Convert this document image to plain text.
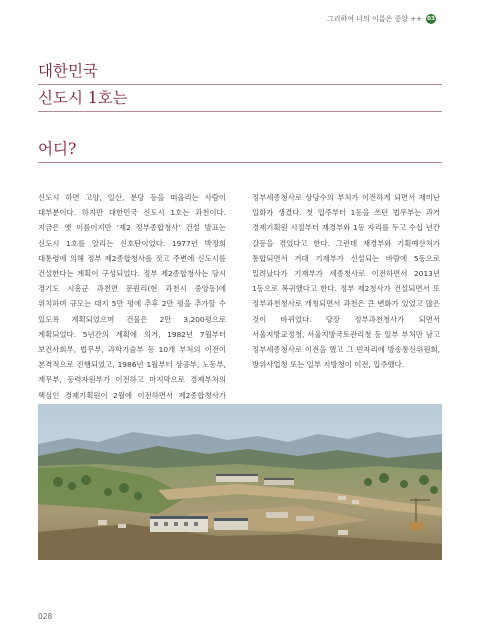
그리하여 너의 이름은 중앙 ++ 03
대한민국
신도시 1호는
어디?
신도시 하면 고양, 일산, 분당 등을 떠올리는 사람이 대부분이다. 하지만 대한민국 신도시 1호는 과천이다. 지금은 옛 이름이지만 ‘제2 정부종합청사’ 건설 발표는 신도시 1호를 알리는 신호탄이었다. 1977년 박정희 대통령에 의해 정부 제2종합청사를 짓고 주변에 신도시를 건설한다는 계획이 구성되었다. 정부 제2종합청사는 당시 경기도 시흥군 과천면 문원리(현 과천시 중앙동)에 위치하며 규모는 대지 5만 평에 추후 2만 평을 추가할 수 있도록 계획되었으며 건물은 2만 3,200평으로 계획되었다. 5년간의 계획에 의거, 1982년 7월부터 보건사회부, 법무부, 과학기술부 등 10개 부처의 이전이 본격적으로 진행되었고, 1986년 1월부터 상공부, 노동부, 재무부, 동력자원부가 이전하고 마지막으로 경제부처의 핵심인 경제기획원이 2월에 이전하면서 제2종합청사가
정부세종청사로 상당수의 부처가 이전하게 되면서 재미난 일화가 생겼다. 첫 입주부터 1동을 쓰던 법무부는 과거 경제기획원 시절부터 재경부와 1동 자리를 두고 수십 년간 갈등을 겪었다고 한다. 그런데 재경부와 기획예산처가 통합되면서 거대 기재부가 신설되는 바람에 5동으로 밀려났다가 기재부가 세종청사로 이전하면서 2013년 1동으로 복귀했다고 한다. 정부 제2청사가 건설되면서 또 정부과천청사로 개칭되면서 과천은 큰 변화가 있었고 많은 것이 바뀌었다. 당장 정부과천청사가 되면서 서울지방교정청, 서울지방국토관리청 등 일부 부처만 남고 정부세종청사로 이전을 했고 그 빈자리에 방송통신위원회, 방위사업청 또는 일부 지방청이 이전, 입주했다.
028
